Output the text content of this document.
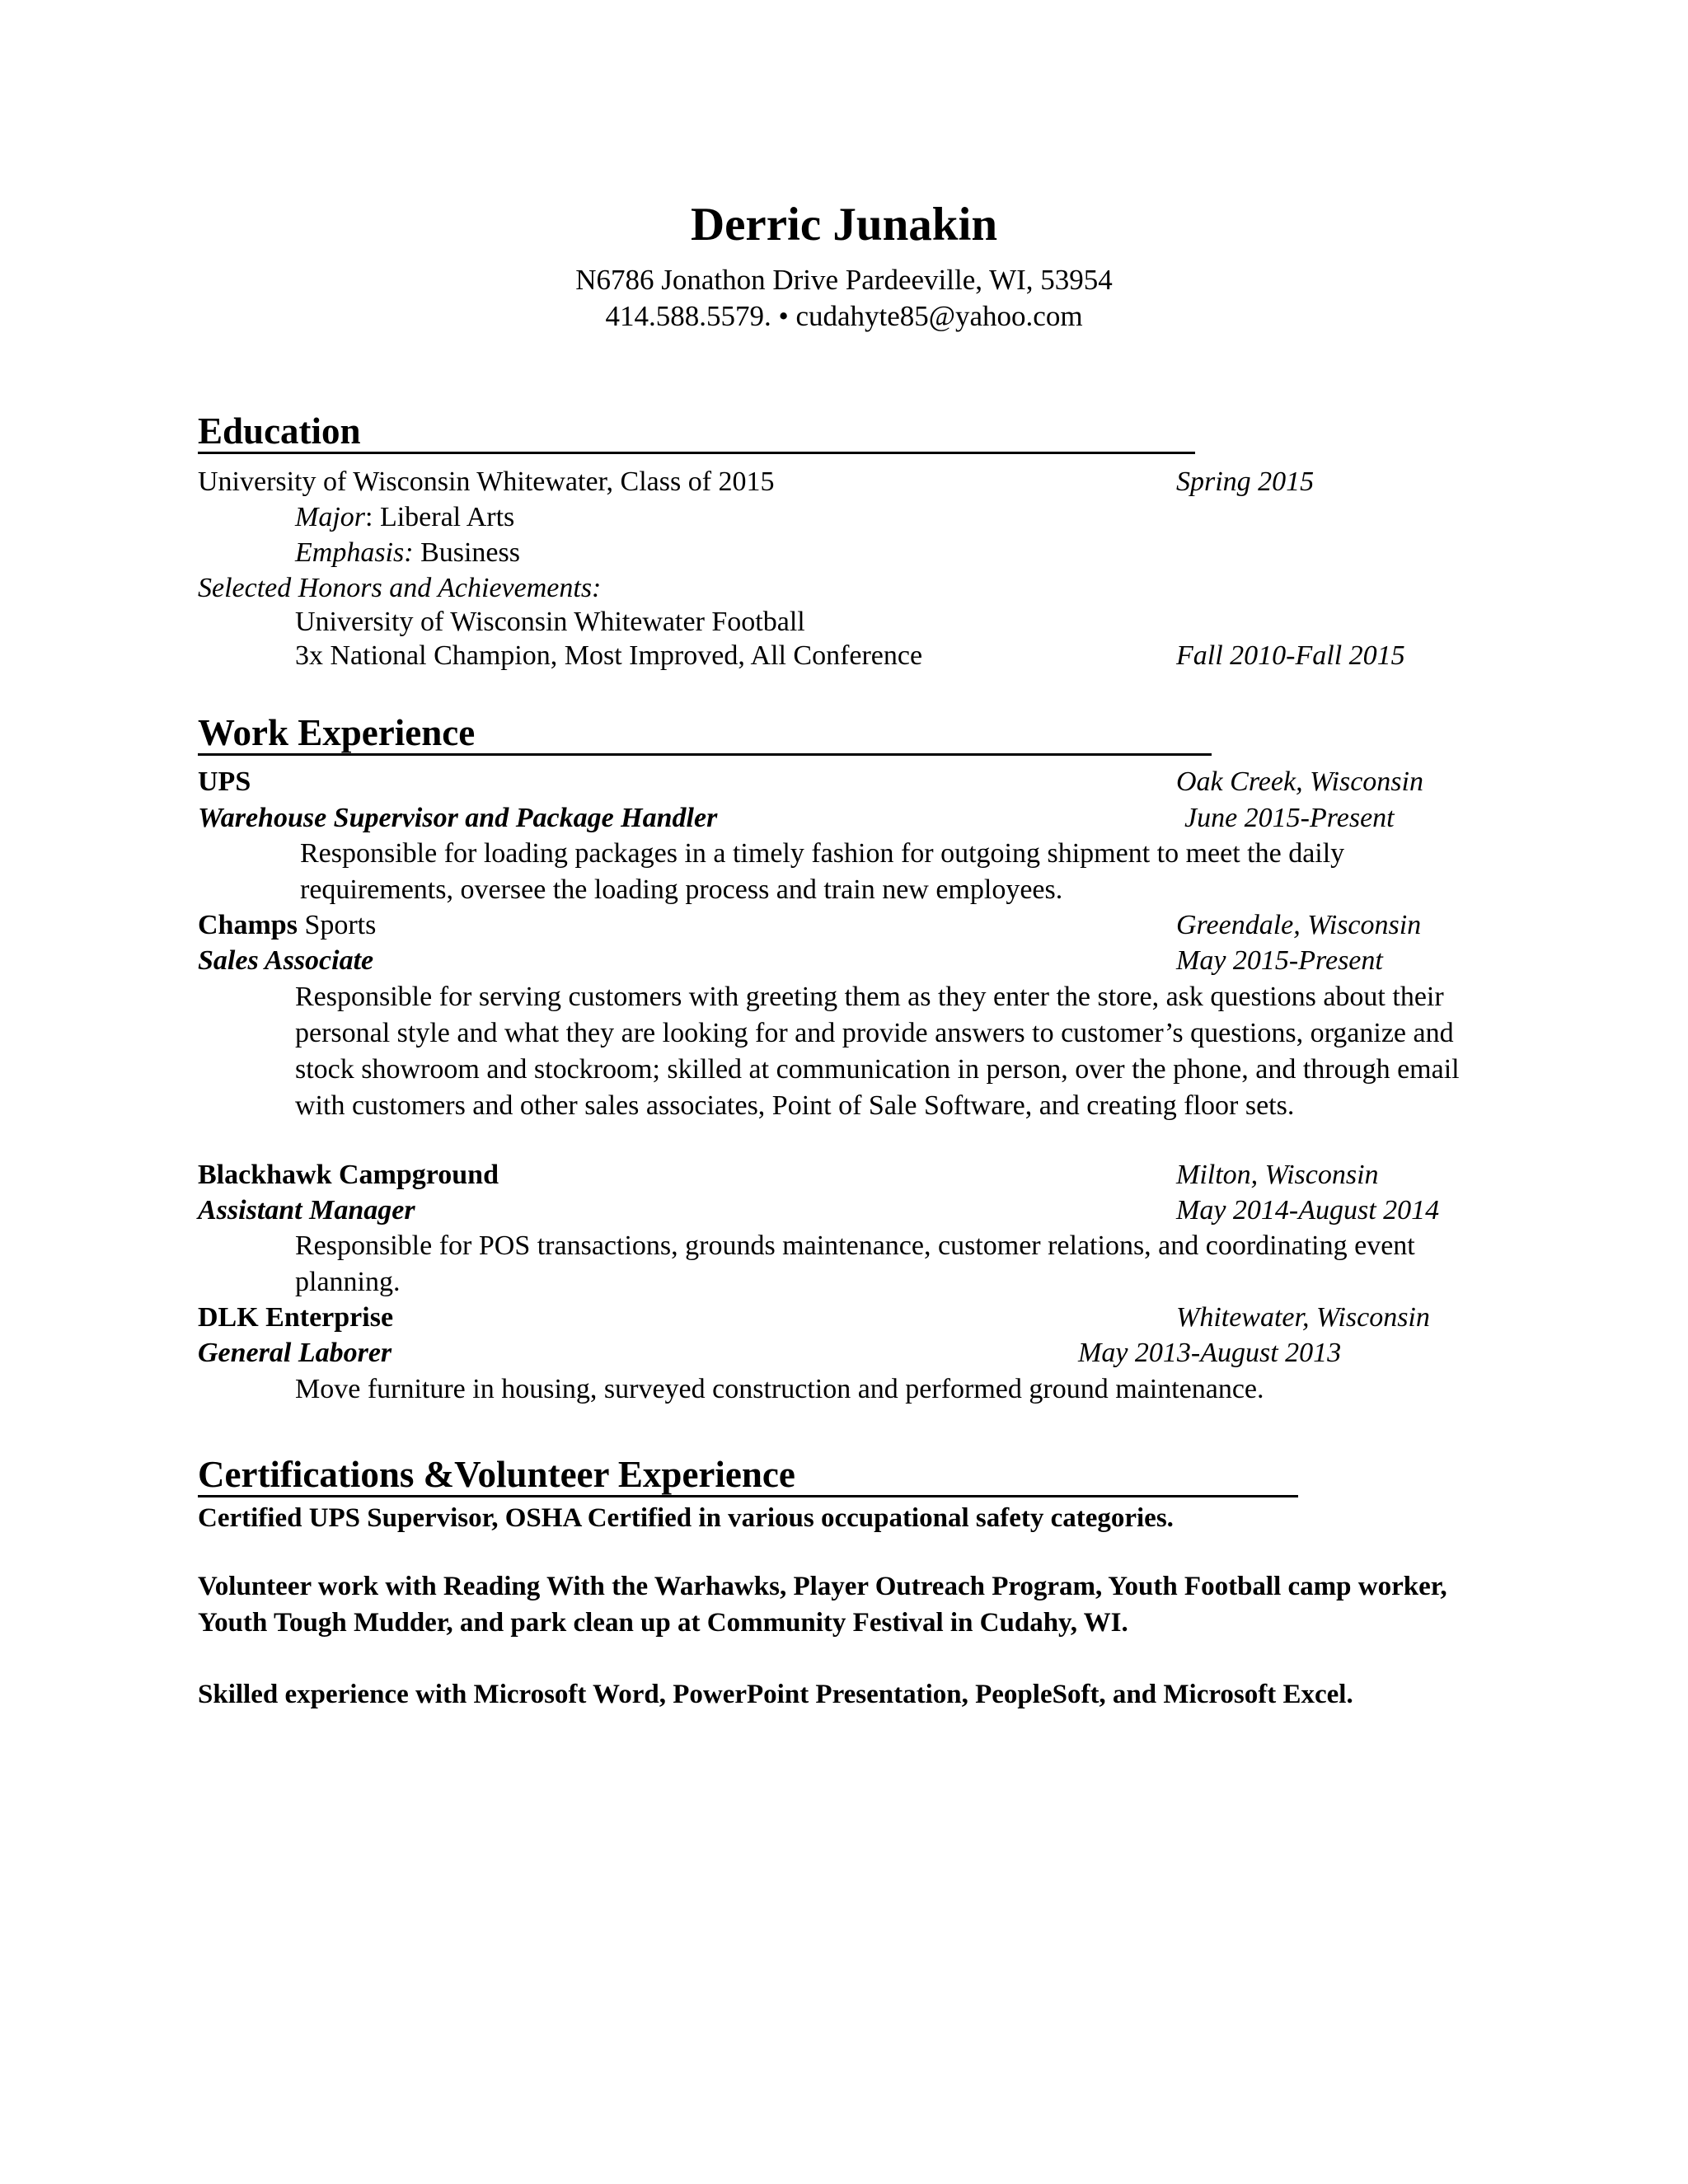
Derric Junakin
N6786 Jonathon Drive Pardeeville, WI, 53954
414.588.5579. • cudahyte85@yahoo.com
Education
University of Wisconsin Whitewater, Class of 2015	Spring 2015
Major: Liberal Arts
Emphasis: Business
Selected Honors and Achievements:
University of Wisconsin Whitewater Football
3x National Champion, Most Improved, All Conference	Fall 2010-Fall 2015
Work Experience
UPS	Oak Creek, Wisconsin
Warehouse Supervisor and Package Handler	June 2015-Present
Responsible for loading packages in a timely fashion for outgoing shipment to meet the daily requirements, oversee the loading process and train new employees.
Champs Sports	Greendale, Wisconsin
Sales Associate	May 2015-Present
Responsible for serving customers with greeting them as they enter the store, ask questions about their personal style and what they are looking for and provide answers to customer’s questions, organize and stock showroom and stockroom; skilled at communication in person, over the phone, and through email with customers and other sales associates, Point of Sale Software, and creating floor sets.
Blackhawk Campground	Milton, Wisconsin
Assistant Manager	May 2014-August 2014
Responsible for POS transactions, grounds maintenance, customer relations, and coordinating event planning.
DLK Enterprise	Whitewater, Wisconsin
General Laborer	May 2013-August 2013
Move furniture in housing, surveyed construction and performed ground maintenance.
Certifications &Volunteer Experience
Certified UPS Supervisor, OSHA Certified in various occupational safety categories.
Volunteer work with Reading With the Warhawks, Player Outreach Program, Youth Football camp worker, Youth Tough Mudder, and park clean up at Community Festival in Cudahy, WI.
Skilled experience with Microsoft Word, PowerPoint Presentation, PeopleSoft, and Microsoft Excel.
